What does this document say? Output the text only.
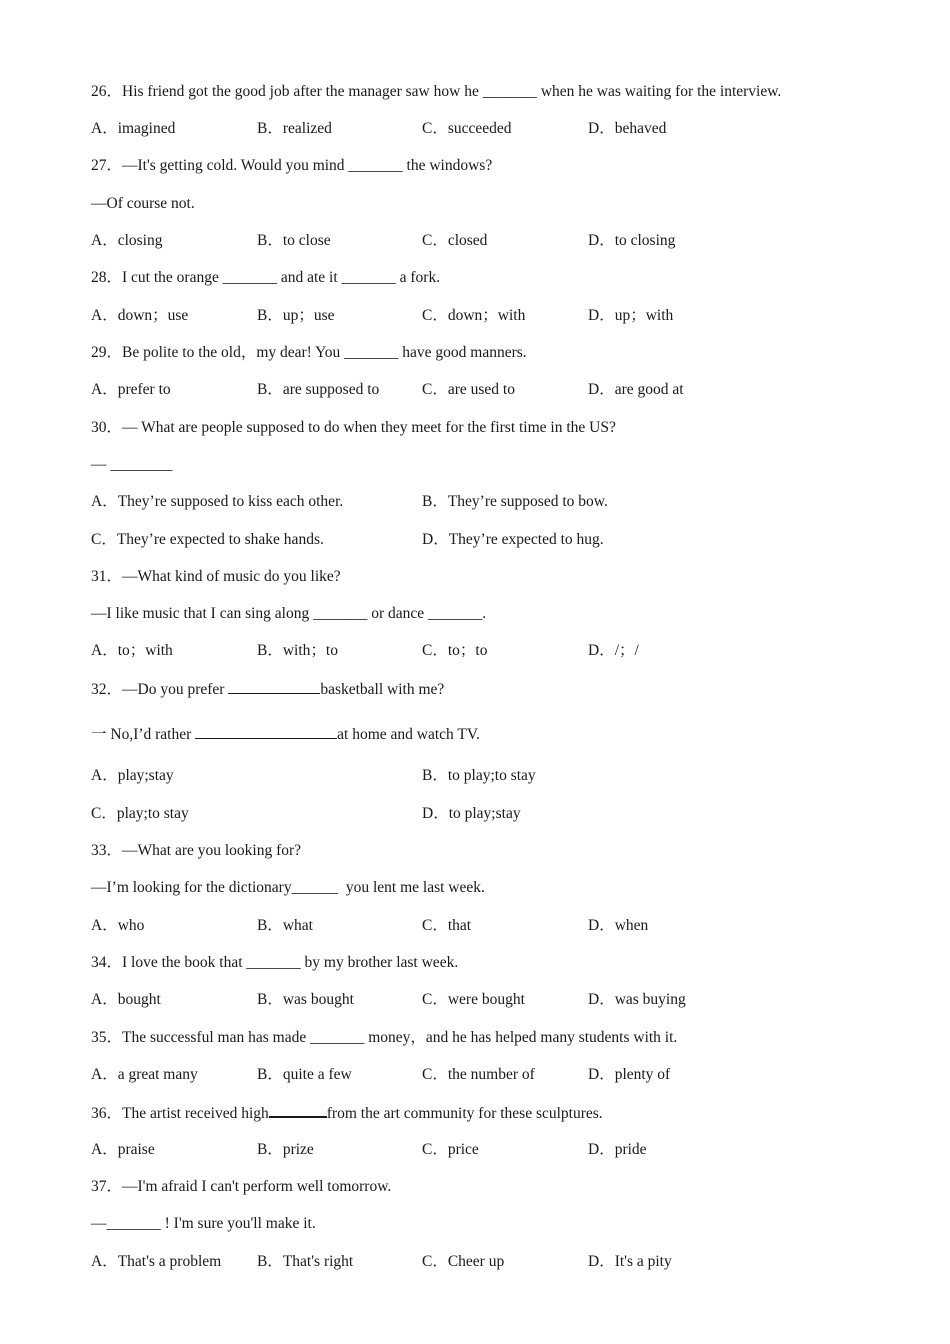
26．His friend got the good job after the manager saw how he _______ when he was waiting for the interview.
A．imagined	B．realized	C．succeeded	D．behaved
27．—It's getting cold. Would you mind _______ the windows?
—Of course not.
A．closing	B．to close	C．closed	D．to closing
28．I cut the orange _______ and ate it _______ a fork.
A．down；use	B．up；use	C．down；with	D．up；with
29．Be polite to the old，my dear! You _______ have good manners.
A．prefer to	B．are supposed to	C．are used to	D．are good at
30．— What are people supposed to do when they meet for the first time in the US?
— ________
A．They’re supposed to kiss each other.	B．They’re supposed to bow.
C．They’re expected to shake hands.	D．They’re expected to hug.
31．—What kind of music do you like?
—I like music that I can sing along _______ or dance _______.
A．to；with	B．with；to	C．to；to	D．/；/
32．—Do you prefer	basketball with me?
一 No,I’d rather	at home and watch TV.
A．play;stay	B．to play;to stay
C．play;to stay	D．to play;stay
33．—What are you looking for?
—I’m looking for the dictionary______  you lent me last week.
A．who	B．what	C．that	D．when
34．I love the book that _______ by my brother last week.
A．bought	B．was bought	C．were bought	D．was buying
35．The successful man has made _______ money，and he has helped many students with it.
A．a great many	B．quite a few	C．the number of	D．plenty of
36．The artist received high	from the art community for these sculptures.
A．praise	B．prize	C．price	D．pride
37．—I'm afraid I can't perform well tomorrow.
—_______ ! I'm sure you'll make it.
A．That's a problem B．That's right	C．Cheer up	D．It's a pity
